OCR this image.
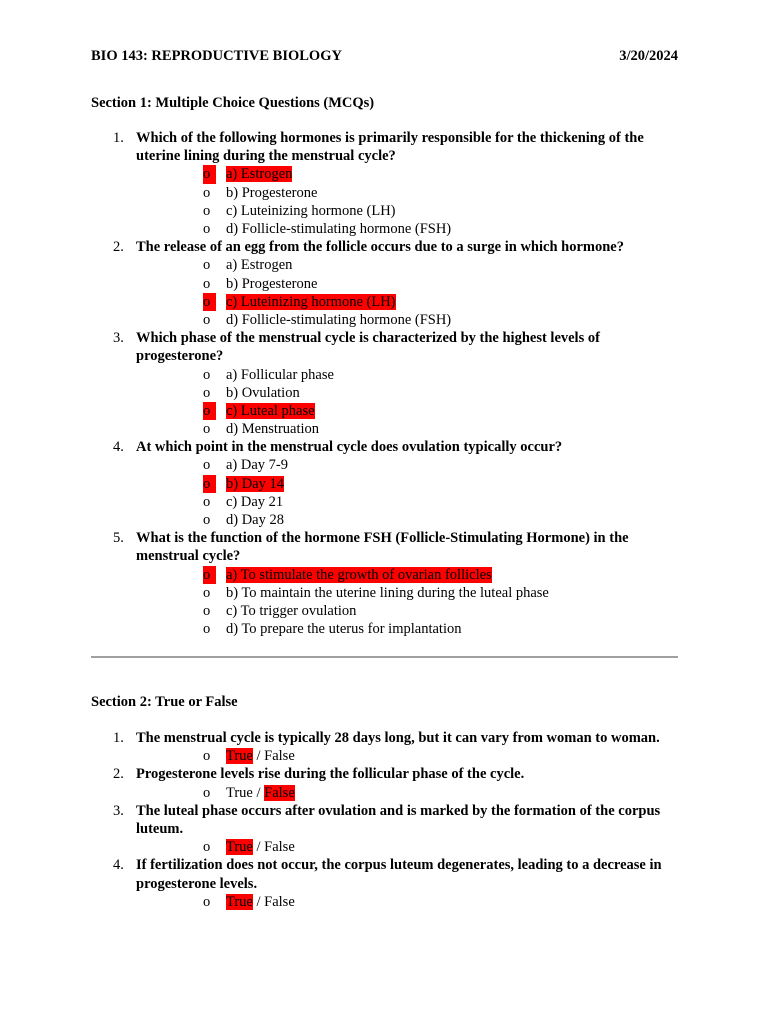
BIO 143: REPRODUCTIVE BIOLOGY	3/20/2024
Section 1: Multiple Choice Questions (MCQs)
1. Which of the following hormones is primarily responsible for the thickening of the uterine lining during the menstrual cycle?
o	a) Estrogen
o b) Progesterone
o c) Luteinizing hormone (LH)
o d) Follicle-stimulating hormone (FSH)
2. The release of an egg from the follicle occurs due to a surge in which hormone?
o a) Estrogen
o b) Progesterone
o	c) Luteinizing hormone (LH)
o d) Follicle-stimulating hormone (FSH)
3. Which phase of the menstrual cycle is characterized by the highest levels of progesterone?
o a) Follicular phase
o b) Ovulation
o	c) Luteal phase
o d) Menstruation
4. At which point in the menstrual cycle does ovulation typically occur?
o a) Day 7-9
o	b) Day 14
o c) Day 21
o d) Day 28
5. What is the function of the hormone FSH (Follicle-Stimulating Hormone) in the menstrual cycle?
o	a) To stimulate the growth of ovarian follicles
o b) To maintain the uterine lining during the luteal phase
o c) To trigger ovulation
o d) To prepare the uterus for implantation
Section 2: True or False
1. The menstrual cycle is typically 28 days long, but it can vary from woman to woman.
o True / False
2. Progesterone levels rise during the follicular phase of the cycle.
o True / False
3. The luteal phase occurs after ovulation and is marked by the formation of the corpus luteum.
o True / False
4. If fertilization does not occur, the corpus luteum degenerates, leading to a decrease in progesterone levels.
o True / False
